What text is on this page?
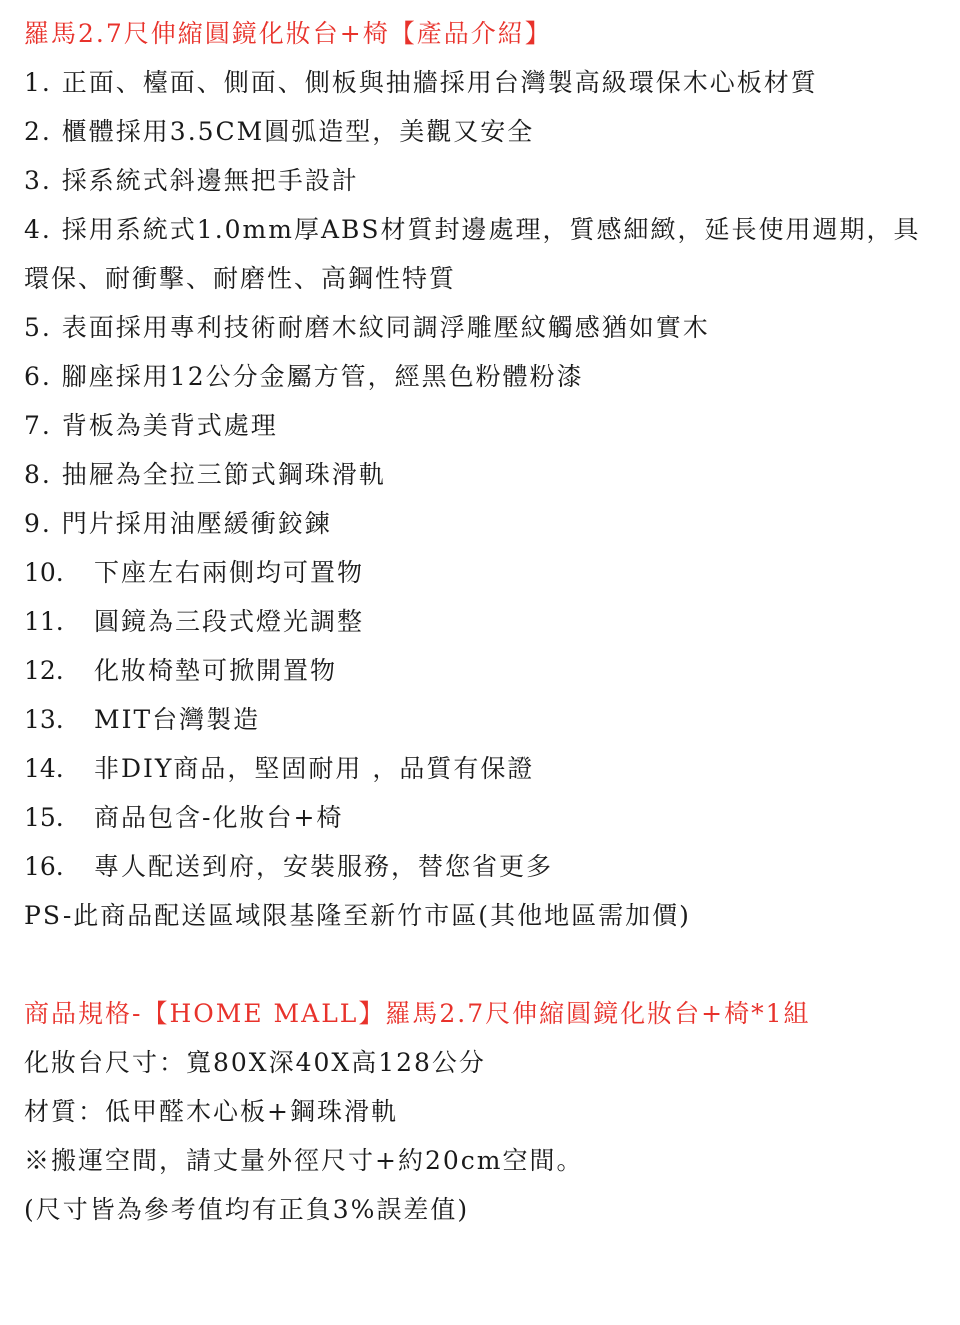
羅馬2.7尺伸縮圓鏡化妝台+椅【產品介紹】
1. 正面、檯面、側面、側板與抽牆採用台灣製高級環保木心板材質
2. 櫃體採用3.5CM圓弧造型，美觀又安全
3. 採系統式斜邊無把手設計
4. 採用系統式1.0mm厚ABS材質封邊處理，質感細緻，延長使用週期，具
環保、耐衝擊、耐磨性、高鋼性特質
5. 表面採用專利技術耐磨木紋同調浮雕壓紋觸感猶如實木
6. 腳座採用12公分金屬方管，經黑色粉體粉漆
7. 背板為美背式處理
8. 抽屜為全拉三節式鋼珠滑軌
9. 門片採用油壓緩衝鉸鍊
10. 下座左右兩側均可置物
11. 圓鏡為三段式燈光調整
12. 化妝椅墊可掀開置物
13. MIT台灣製造
14. 非DIY商品，堅固耐用 ，品質有保證
15. 商品包含-化妝台+椅
16. 專人配送到府，安裝服務，替您省更多
PS-此商品配送區域限基隆至新竹市區(其他地區需加價)
商品規格-【HOME MALL】羅馬2.7尺伸縮圓鏡化妝台+椅*1組
化妝台尺寸：寬80X深40X高128公分
材質：低甲醛木心板+鋼珠滑軌
※搬運空間，請丈量外徑尺寸+約20cm空間。
(尺寸皆為參考值均有正負3%誤差值)
